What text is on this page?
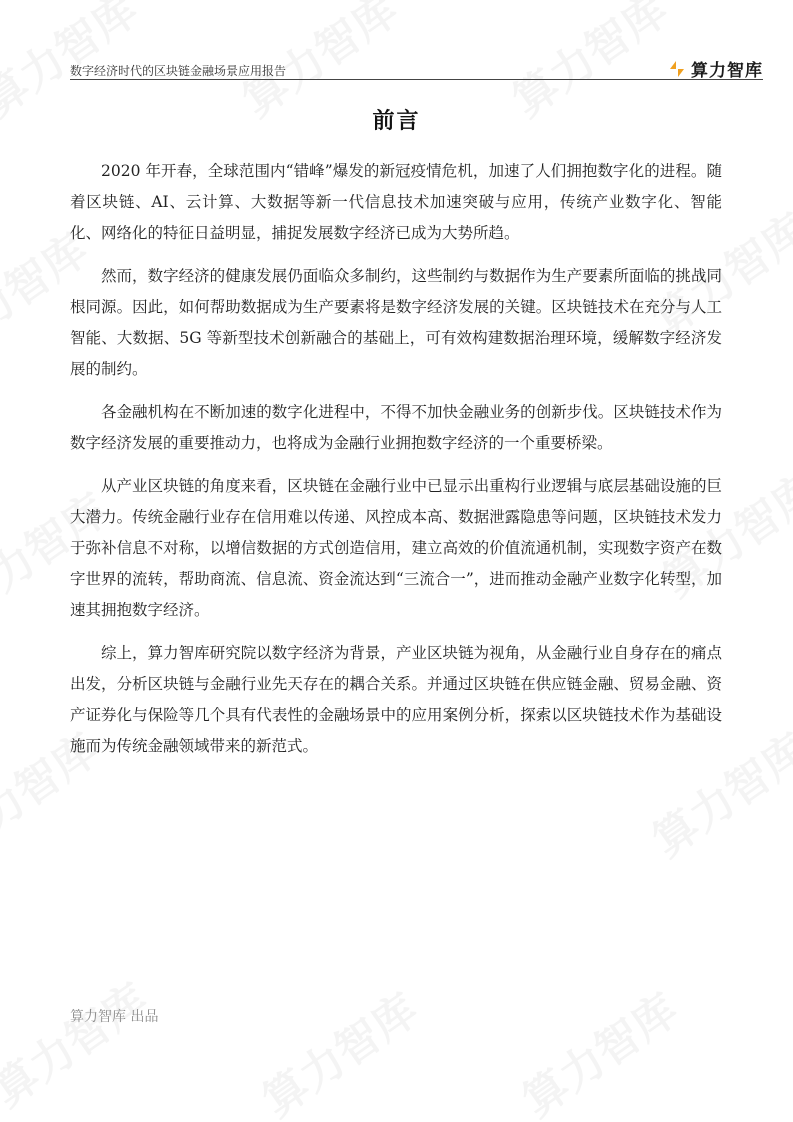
数字经济时代的区块链金融场景应用报告	算力智库
前言

2020 年开春，全球范围内“错峰”爆发的新冠疫情危机，加速了人们拥抱数字化的进程。随着区块链、AI、云计算、大数据等新一代信息技术加速突破与应用，传统产业数字化、智能化、网络化的特征日益明显，捕捉发展数字经济已成为大势所趋。

然而，数字经济的健康发展仍面临众多制约，这些制约与数据作为生产要素所面临的挑战同根同源。因此，如何帮助数据成为生产要素将是数字经济发展的关键。区块链技术在充分与人工智能、大数据、5G 等新型技术创新融合的基础上，可有效构建数据治理环境，缓解数字经济发展的制约。

各金融机构在不断加速的数字化进程中，不得不加快金融业务的创新步伐。区块链技术作为数字经济发展的重要推动力，也将成为金融行业拥抱数字经济的一个重要桥梁。

从产业区块链的角度来看，区块链在金融行业中已显示出重构行业逻辑与底层基础设施的巨大潜力。传统金融行业存在信用难以传递、风控成本高、数据泄露隐患等问题，区块链技术发力于弥补信息不对称，以增信数据的方式创造信用，建立高效的价值流通机制，实现数字资产在数字世界的流转，帮助商流、信息流、资金流达到“三流合一”，进而推动金融产业数字化转型，加速其拥抱数字经济。

综上，算力智库研究院以数字经济为背景，产业区块链为视角，从金融行业自身存在的痛点出发，分析区块链与金融行业先天存在的耦合关系。并通过区块链在供应链金融、贸易金融、资产证券化与保险等几个具有代表性的金融场景中的应用案例分析，探索以区块链技术作为基础设施而为传统金融领域带来的新范式。

算力智库 出品
